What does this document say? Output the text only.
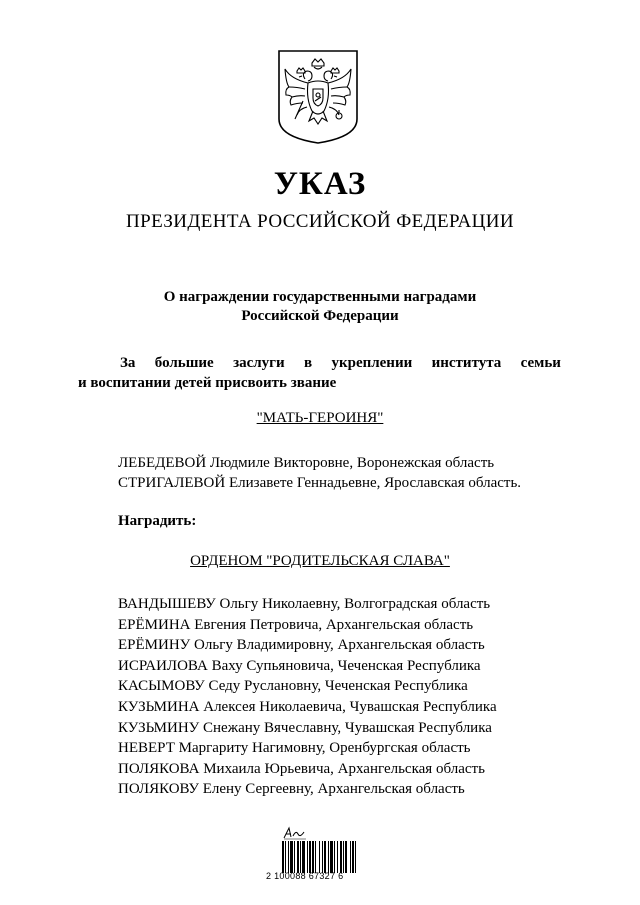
УКАЗ
ПРЕЗИДЕНТА РОССИЙСКОЙ ФЕДЕРАЦИИ
О награждении государственными наградами
Российской Федерации
За большие заслуги в укреплении института семьи
и воспитании детей присвоить звание
"МАТЬ-ГЕРОИНЯ"
ЛЕБЕДЕВОЙ Людмиле Викторовне, Воронежская область
СТРИГАЛЕВОЙ Елизавете Геннадьевне, Ярославская область.
Наградить:
ОРДЕНОМ "РОДИТЕЛЬСКАЯ СЛАВА"
ВАНДЫШЕВУ Ольгу Николаевну, Волгоградская область
ЕРЁМИНА Евгения Петровича, Архангельская область
ЕРЁМИНУ Ольгу Владимировну, Архангельская область
ИСРАИЛОВА Ваху Супьяновича, Чеченская Республика
КАСЫМОВУ Седу Руслановну, Чеченская Республика
КУЗЬМИНА Алексея Николаевича, Чувашская Республика
КУЗЬМИНУ Снежану Вячеславну, Чувашская Республика
НЕВЕРТ Маргариту Нагимовну, Оренбургская область
ПОЛЯКОВА Михаила Юрьевича, Архангельская область
ПОЛЯКОВУ Елену Сергеевну, Архангельская область
2 100088 67327 6
